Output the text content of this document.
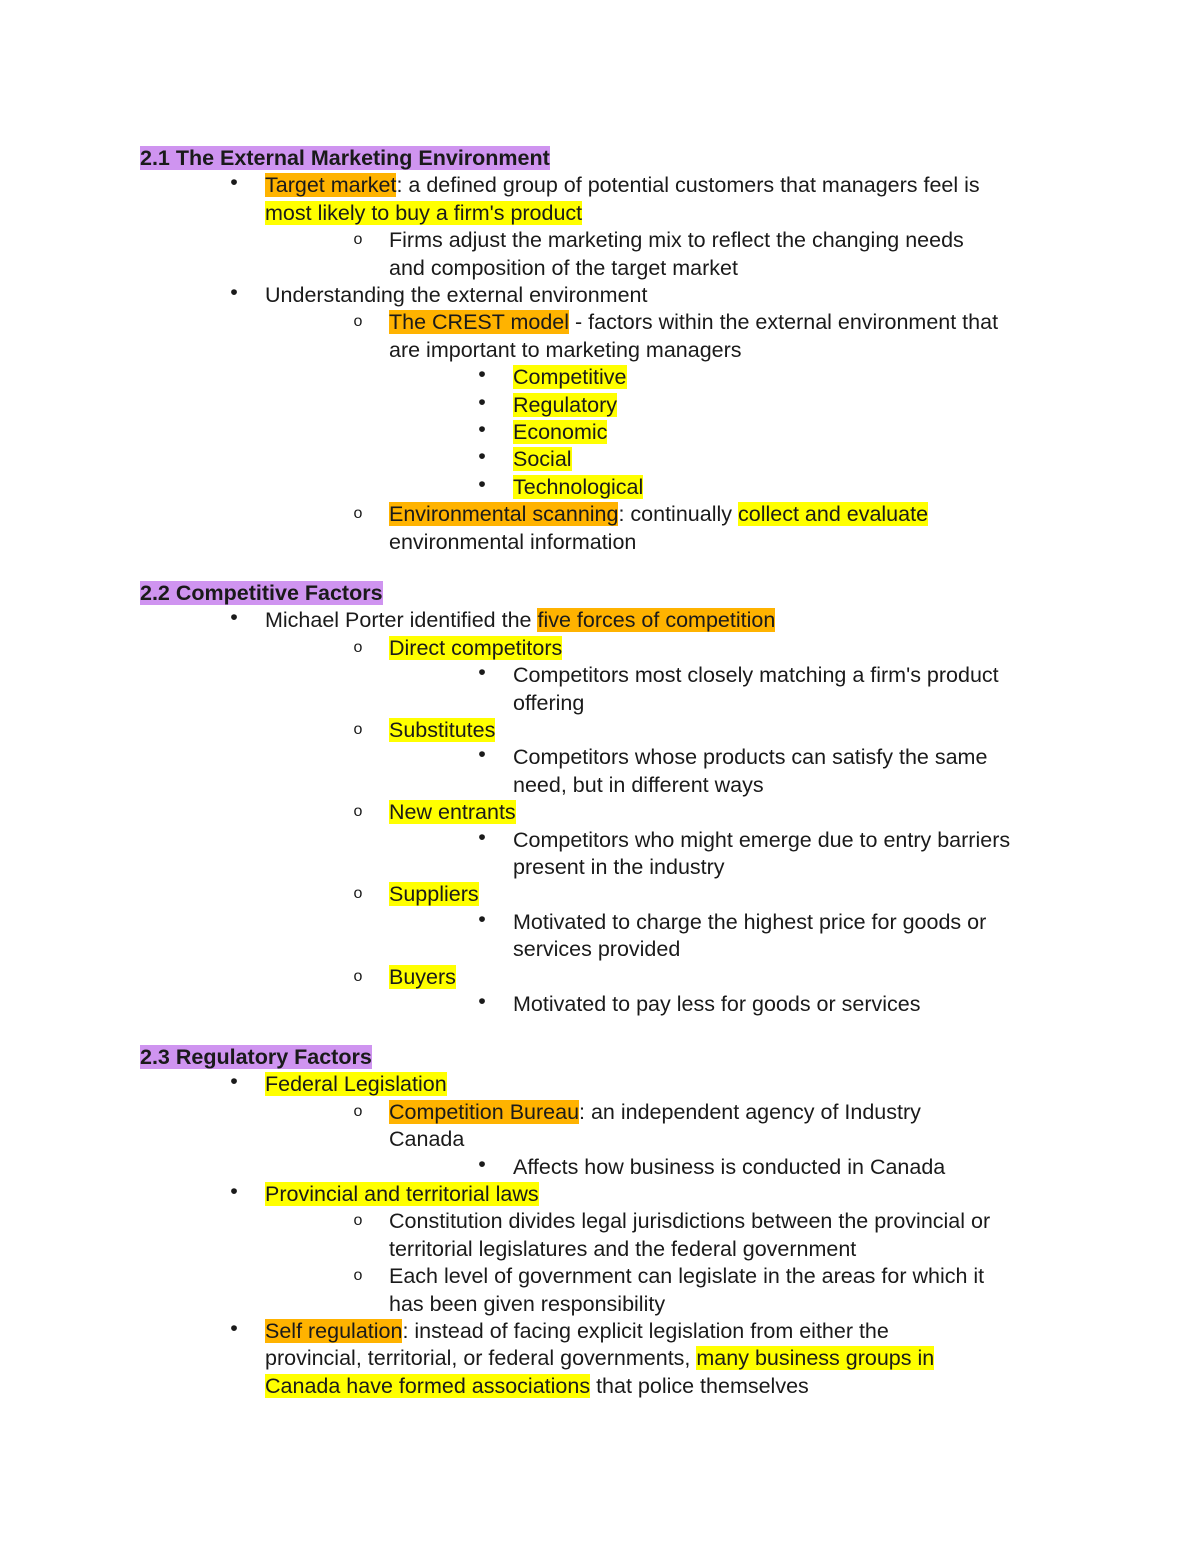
2.1 The External Marketing Environment
•	Target market: a defined group of potential customers that managers feel is
most likely to buy a firm's product
o	Firms adjust the marketing mix to reflect the changing needs
and composition of the target market
•	Understanding the external environment
o	The CREST model - factors within the external environment that
are important to marketing managers
•	Competitive
•	Regulatory
•	Economic
•	Social
•	Technological
o	Environmental scanning: continually collect and evaluate
environmental information
2.2 Competitive Factors
•	Michael Porter identified the five forces of competition
o	Direct competitors
•	Competitors most closely matching a firm's product
offering
o	Substitutes
•	Competitors whose products can satisfy the same
need, but in different ways
o	New entrants
•	Competitors who might emerge due to entry barriers
present in the industry
o	Suppliers
•	Motivated to charge the highest price for goods or
services provided
o	Buyers
•	Motivated to pay less for goods or services
2.3 Regulatory Factors
•	Federal Legislation
o	Competition Bureau: an independent agency of Industry
Canada
•	Affects how business is conducted in Canada
•	Provincial and territorial laws
o	Constitution divides legal jurisdictions between the provincial or
territorial legislatures and the federal government
o	Each level of government can legislate in the areas for which it
has been given responsibility
•	Self regulation: instead of facing explicit legislation from either the
provincial, territorial, or federal governments, many business groups in
Canada have formed associations that police themselves
